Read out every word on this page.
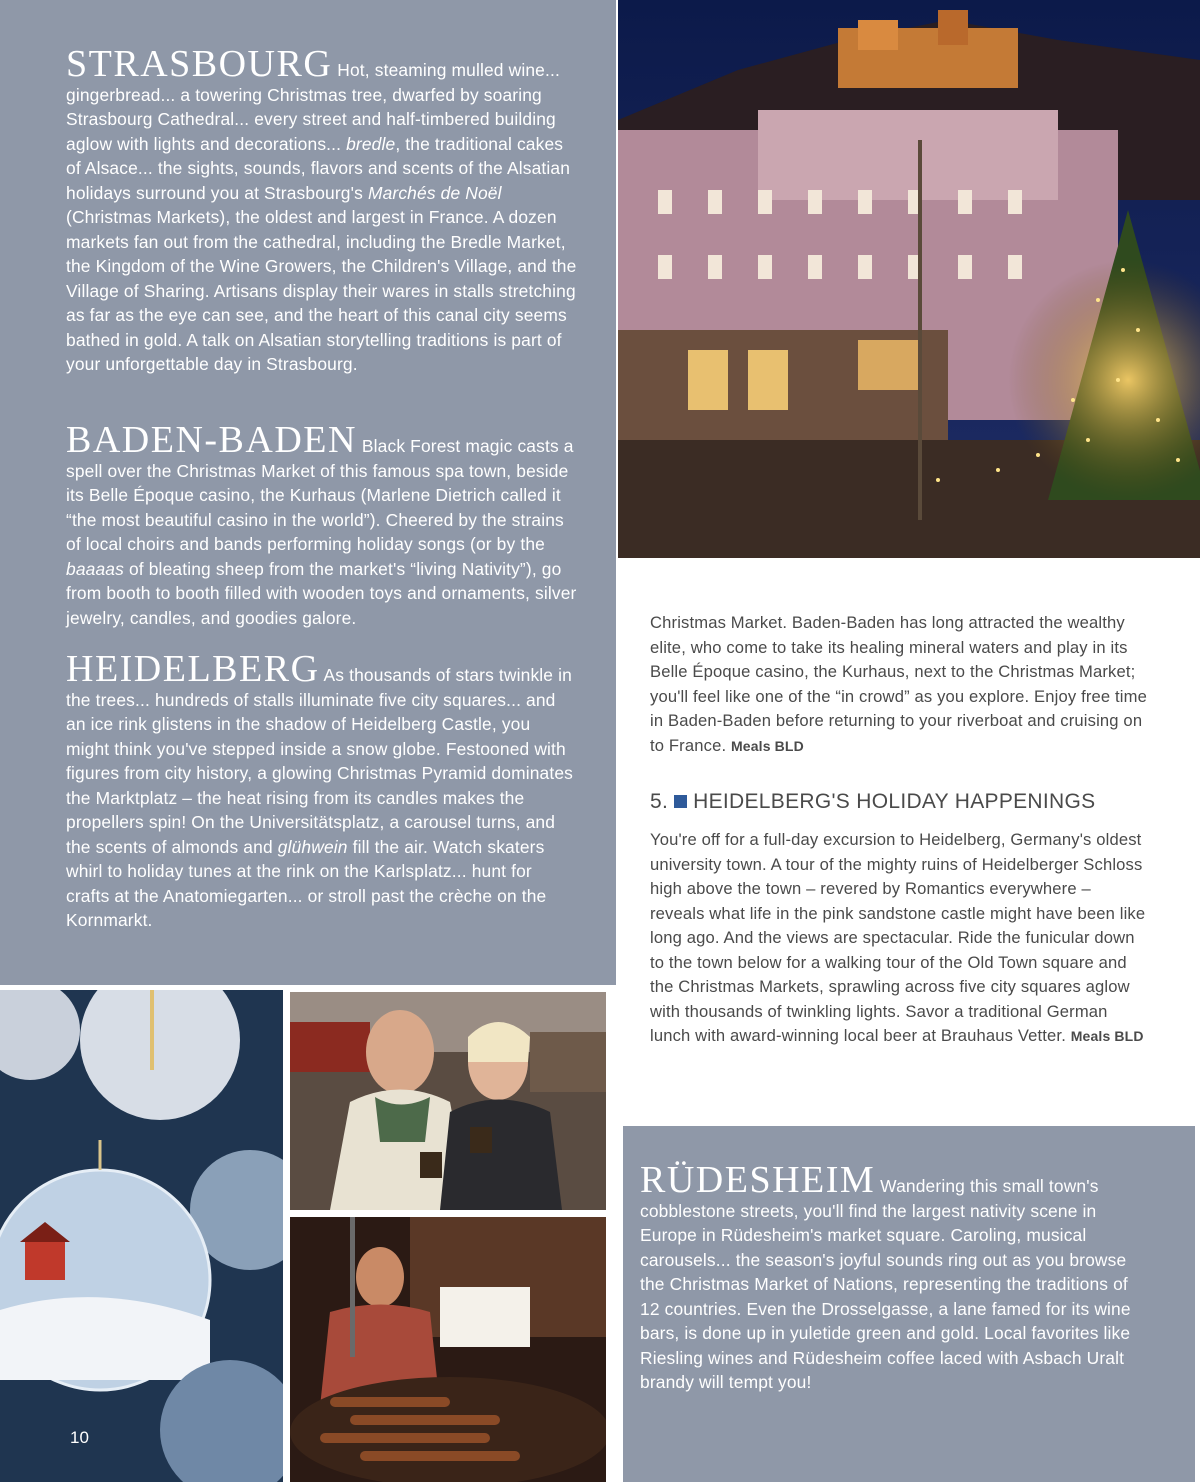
STRASBOURG Hot, steaming mulled wine... gingerbread... a towering Christmas tree, dwarfed by soaring Strasbourg Cathedral... every street and half-timbered building aglow with lights and decorations... bredle, the traditional cakes of Alsace... the sights, sounds, flavors and scents of the Alsatian holidays surround you at Strasbourg's Marchés de Noël (Christmas Markets), the oldest and largest in France. A dozen markets fan out from the cathedral, including the Bredle Market, the Kingdom of the Wine Growers, the Children's Village, and the Village of Sharing. Artisans display their wares in stalls stretching as far as the eye can see, and the heart of this canal city seems bathed in gold. A talk on Alsatian storytelling traditions is part of your unforgettable day in Strasbourg.

BADEN-BADEN Black Forest magic casts a spell over the Christmas Market of this famous spa town, beside its Belle Époque casino, the Kurhaus (Marlene Dietrich called it “the most beautiful casino in the world”). Cheered by the strains of local choirs and bands performing holiday songs (or by the baaaas of bleating sheep from the market's “living Nativity”), go from booth to booth filled with wooden toys and ornaments, silver jewelry, candles, and goodies galore.

HEIDELBERG As thousands of stars twinkle in the trees... hundreds of stalls illuminate five city squares... and an ice rink glistens in the shadow of Heidelberg Castle, you might think you've stepped inside a snow globe. Festooned with figures from city history, a glowing Christmas Pyramid dominates the Marktplatz – the heat rising from its candles makes the propellers spin! On the Universitätsplatz, a carousel turns, and the scents of almonds and glühwein fill the air. Watch skaters whirl to holiday tunes at the rink on the Karlsplatz... hunt for crafts at the Anatomiegarten... or stroll past the crèche on the Kornmarkt.

Christmas Market. Baden-Baden has long attracted the wealthy elite, who come to take its healing mineral waters and play in its Belle Époque casino, the Kurhaus, next to the Christmas Market; you'll feel like one of the “in crowd” as you explore. Enjoy free time in Baden-Baden before returning to your riverboat and cruising on to France. Meals BLD

5. HEIDELBERG'S HOLIDAY HAPPENINGS

You're off for a full-day excursion to Heidelberg, Germany's oldest university town. A tour of the mighty ruins of Heidelberger Schloss high above the town – revered by Romantics everywhere – reveals what life in the pink sandstone castle might have been like long ago. And the views are spectacular. Ride the funicular down to the town below for a walking tour of the Old Town square and the Christmas Markets, sprawling across five city squares aglow with thousands of twinkling lights. Savor a traditional German lunch with award-winning local beer at Brauhaus Vetter. Meals BLD

RÜDESHEIM Wandering this small town's cobblestone streets, you'll find the largest nativity scene in Europe in Rüdesheim's market square. Caroling, musical carousels... the season's joyful sounds ring out as you browse the Christmas Market of Nations, representing the traditions of 12 countries. Even the Drosselgasse, a lane famed for its wine bars, is done up in yuletide green and gold. Local favorites like Riesling wines and Rüdesheim coffee laced with Asbach Uralt brandy will tempt you!

10
